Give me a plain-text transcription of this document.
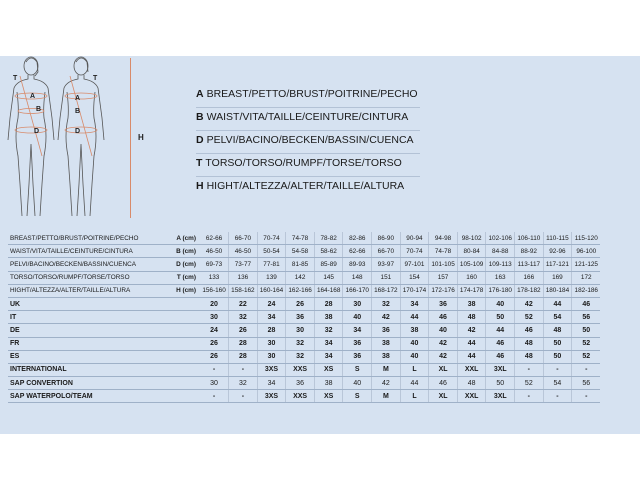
T
A
B
D
T
A
B
D
H
A BREAST/PETTO/BRUST/POITRINE/PECHO
B WAIST/VITA/TAILLE/CEINTURE/CINTURA
D PELVI/BACINO/BECKEN/BASSIN/CUENCA
T TORSO/TORSO/RUMPF/TORSE/TORSO
H HIGHT/ALTEZZA/ALTER/TAILLE/ALTURA
BREAST/PETTO/BRUST/POITRINE/PECHO	A (cm)	62-66	66-70	70-74	74-78	78-82	82-86	86-90	90-94	94-98	98-102	102-106	106-110	110-115	115-120
WAIST/VITA/TAILLE/CEINTURE/CINTURA	B (cm)	46-50	46-50	50-54	54-58	58-62	62-66	66-70	70-74	74-78	80-84	84-88	88-92	92-96	96-100
PELVI/BACINO/BECKEN/BASSIN/CUENCA	D (cm)	69-73	73-77	77-81	81-85	85-89	89-93	93-97	97-101	101-105	105-109	109-113	113-117	117-121	121-125
TORSO/TORSO/RUMPF/TORSE/TORSO	T (cm)	133	136	139	142	145	148	151	154	157	160	163	166	169	172
HIGHT/ALTEZZA/ALTER/TAILLE/ALTURA	H (cm)	156-160	158-162	160-164	162-166	164-168	166-170	168-172	170-174	172-176	174-178	176-180	178-182	180-184	182-186
UK		20	22	24	26	28	30	32	34	36	38	40	42	44	46
IT		30	32	34	36	38	40	42	44	46	48	50	52	54	56
DE		24	26	28	30	32	34	36	38	40	42	44	46	48	50
FR		26	28	30	32	34	36	38	40	42	44	46	48	50	52
ES		26	28	30	32	34	36	38	40	42	44	46	48	50	52
INTERNATIONAL		-	-	3XS	XXS	XS	S	M	L	XL	XXL	3XL	-	-	-
SAP CONVERTION		30	32	34	36	38	40	42	44	46	48	50	52	54	56
SAP WATERPOLO/TEAM		-	-	3XS	XXS	XS	S	M	L	XL	XXL	3XL	-	-	-
